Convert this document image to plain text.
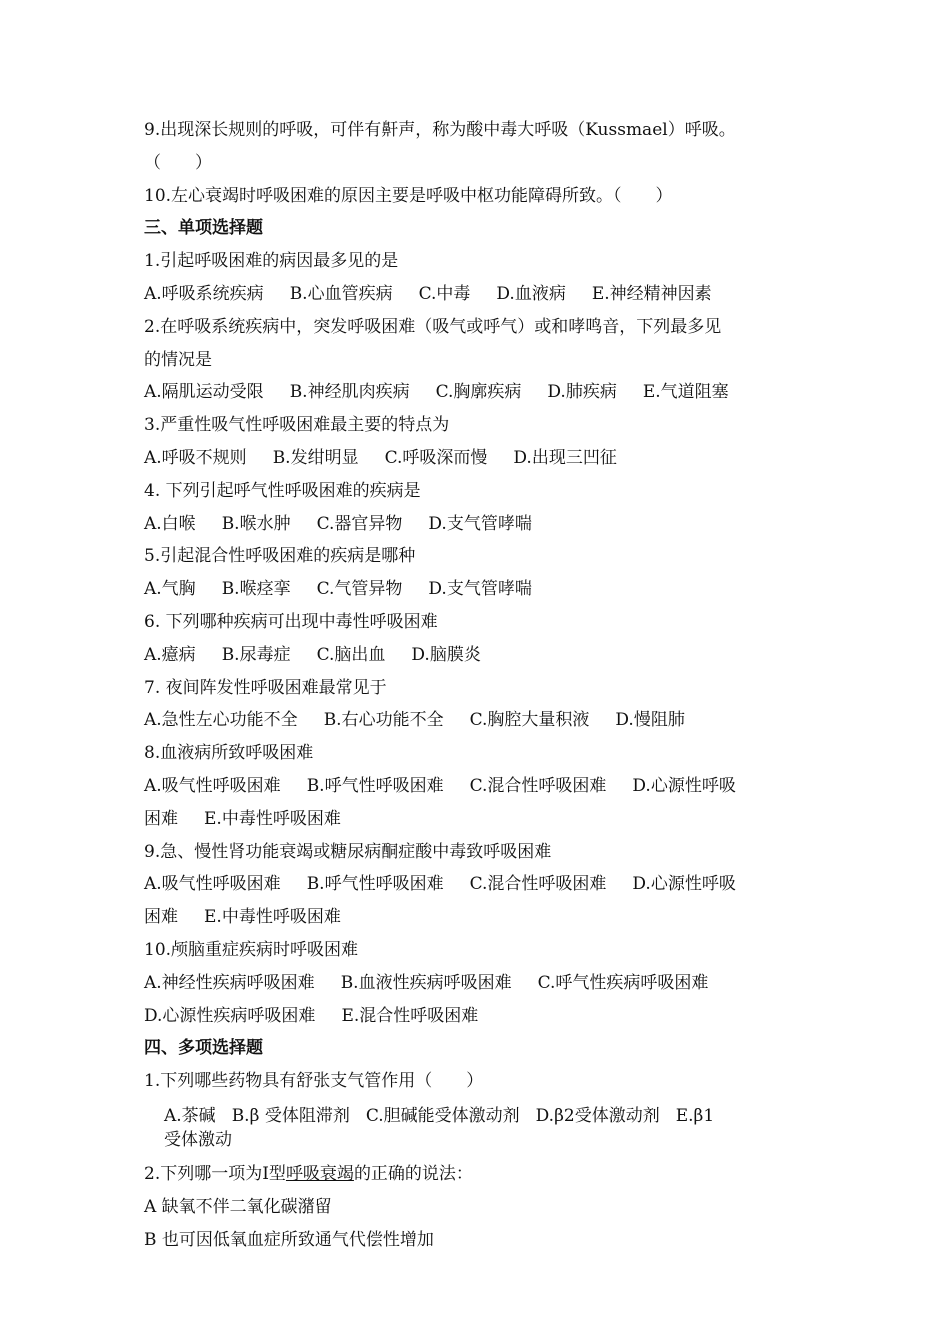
9.出现深长规则的呼吸，可伴有鼾声，称为酸中毒大呼吸（Kussmael）呼吸。
（　　）
10.左心衰竭时呼吸困难的原因主要是呼吸中枢功能障碍所致。（　　）
三、单项选择题
1.引起呼吸困难的病因最多见的是
A.呼吸系统疾病 B.心血管疾病 C.中毒 D.血液病 E.神经精神因素
2.在呼吸系统疾病中，突发呼吸困难（吸气或呼气）或和哮鸣音，下列最多见
的情况是
A.隔肌运动受限 B.神经肌肉疾病 C.胸廓疾病 D.肺疾病 E.气道阻塞
3.严重性吸气性呼吸困难最主要的特点为
A.呼吸不规则 B.发绀明显 C.呼吸深而慢 D.出现三凹征
4. 下列引起呼气性呼吸困难的疾病是
A.白喉 B.喉水肿 C.器官异物 D.支气管哮喘
5.引起混合性呼吸困难的疾病是哪种
A.气胸 B.喉痉挛 C.气管异物 D.支气管哮喘
6. 下列哪种疾病可出现中毒性呼吸困难
A.癔病 B.尿毒症 C.脑出血 D.脑膜炎
7. 夜间阵发性呼吸困难最常见于
A.急性左心功能不全 B.右心功能不全 C.胸腔大量积液 D.慢阻肺
8.血液病所致呼吸困难
A.吸气性呼吸困难 B.呼气性呼吸困难 C.混合性呼吸困难 D.心源性呼吸
困难 E.中毒性呼吸困难
9.急、慢性肾功能衰竭或糖尿病酮症酸中毒致呼吸困难
A.吸气性呼吸困难 B.呼气性呼吸困难 C.混合性呼吸困难 D.心源性呼吸
困难 E.中毒性呼吸困难
10.颅脑重症疾病时呼吸困难
A.神经性疾病呼吸困难 B.血液性疾病呼吸困难 C.呼气性疾病呼吸困难
D.心源性疾病呼吸困难 E.混合性呼吸困难
四、多项选择题
1.下列哪些药物具有舒张支气管作用（　　）
A.茶碱 B.β 受体阻滞剂 C.胆碱能受体激动剂 D.β2受体激动剂 E.β1
受体激动
2.下列哪一项为Ⅰ型呼吸衰竭的正确的说法：
A 缺氧不伴二氧化碳潴留
B 也可因低氧血症所致通气代偿性增加
